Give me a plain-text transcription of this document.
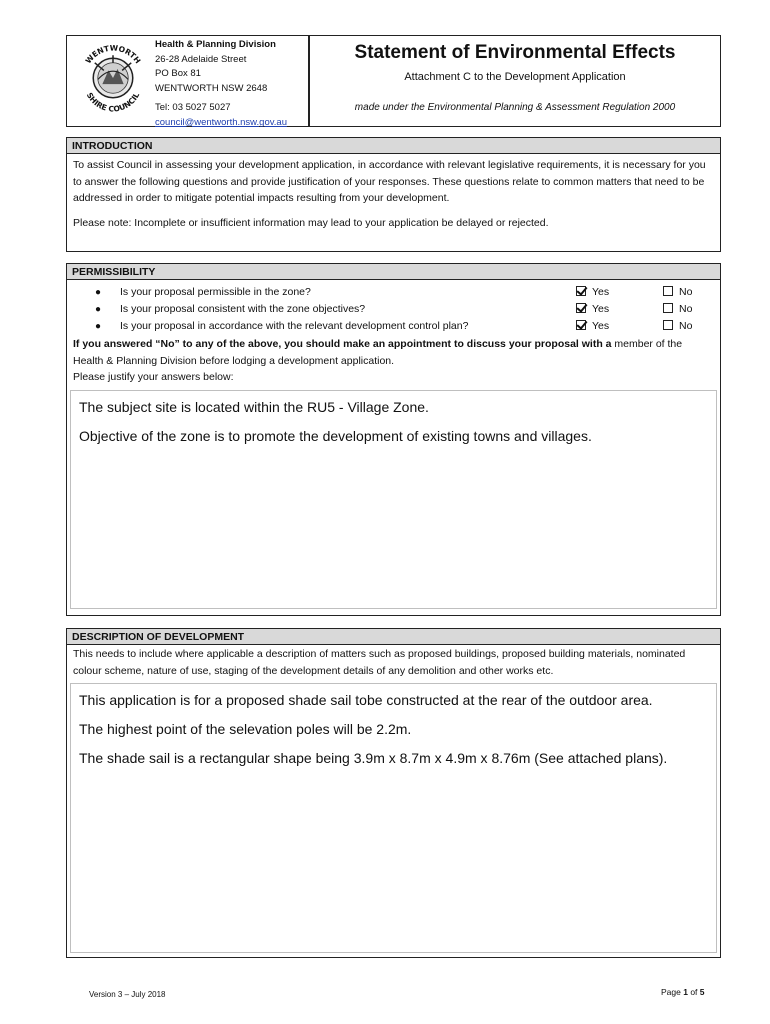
WENTWORTH
SHIRE COUNCIL
Health & Planning Division
26-28 Adelaide Street
PO Box 81
WENTWORTH NSW 2648
Tel: 03 5027 5027
council@wentworth.nsw.gov.au
Statement of Environmental Effects
Attachment C to the Development Application
made under the Environmental Planning & Assessment Regulation 2000
INTRODUCTION

To assist Council in assessing your development application, in accordance with relevant legislative requirements, it is necessary for you to answer the following questions and provide justification of your responses. These questions relate to common matters that need to be addressed in order to mitigate potential impacts resulting from your development.

Please note: Incomplete or insufficient information may lead to your application be delayed or rejected.

PERMISSIBILITY
● Is your proposal permissible in the zone?	Yes	No
● Is your proposal consistent with the zone objectives?	Yes	No
● Is your proposal in accordance with the relevant development control plan?	Yes	No
If you answered “No” to any of the above, you should make an appointment to discuss your proposal with a member of the Health & Planning Division before lodging a development application.
Please justify your answers below:

The subject site is located within the RU5 - Village Zone.

Objective of the zone is to promote the development of existing towns and villages.

DESCRIPTION OF DEVELOPMENT
This needs to include where applicable a description of matters such as proposed buildings, proposed building materials, nominated colour scheme, nature of use, staging of the development details of any demolition and other works etc.

This application is for a proposed shade sail tobe constructed at the rear of the outdoor area.

The highest point of the selevation poles will be 2.2m.

The shade sail is a rectangular shape being 3.9m x 8.7m x 4.9m x 8.76m (See attached plans).

Version 3 – July 2018	Page 1 of 5
